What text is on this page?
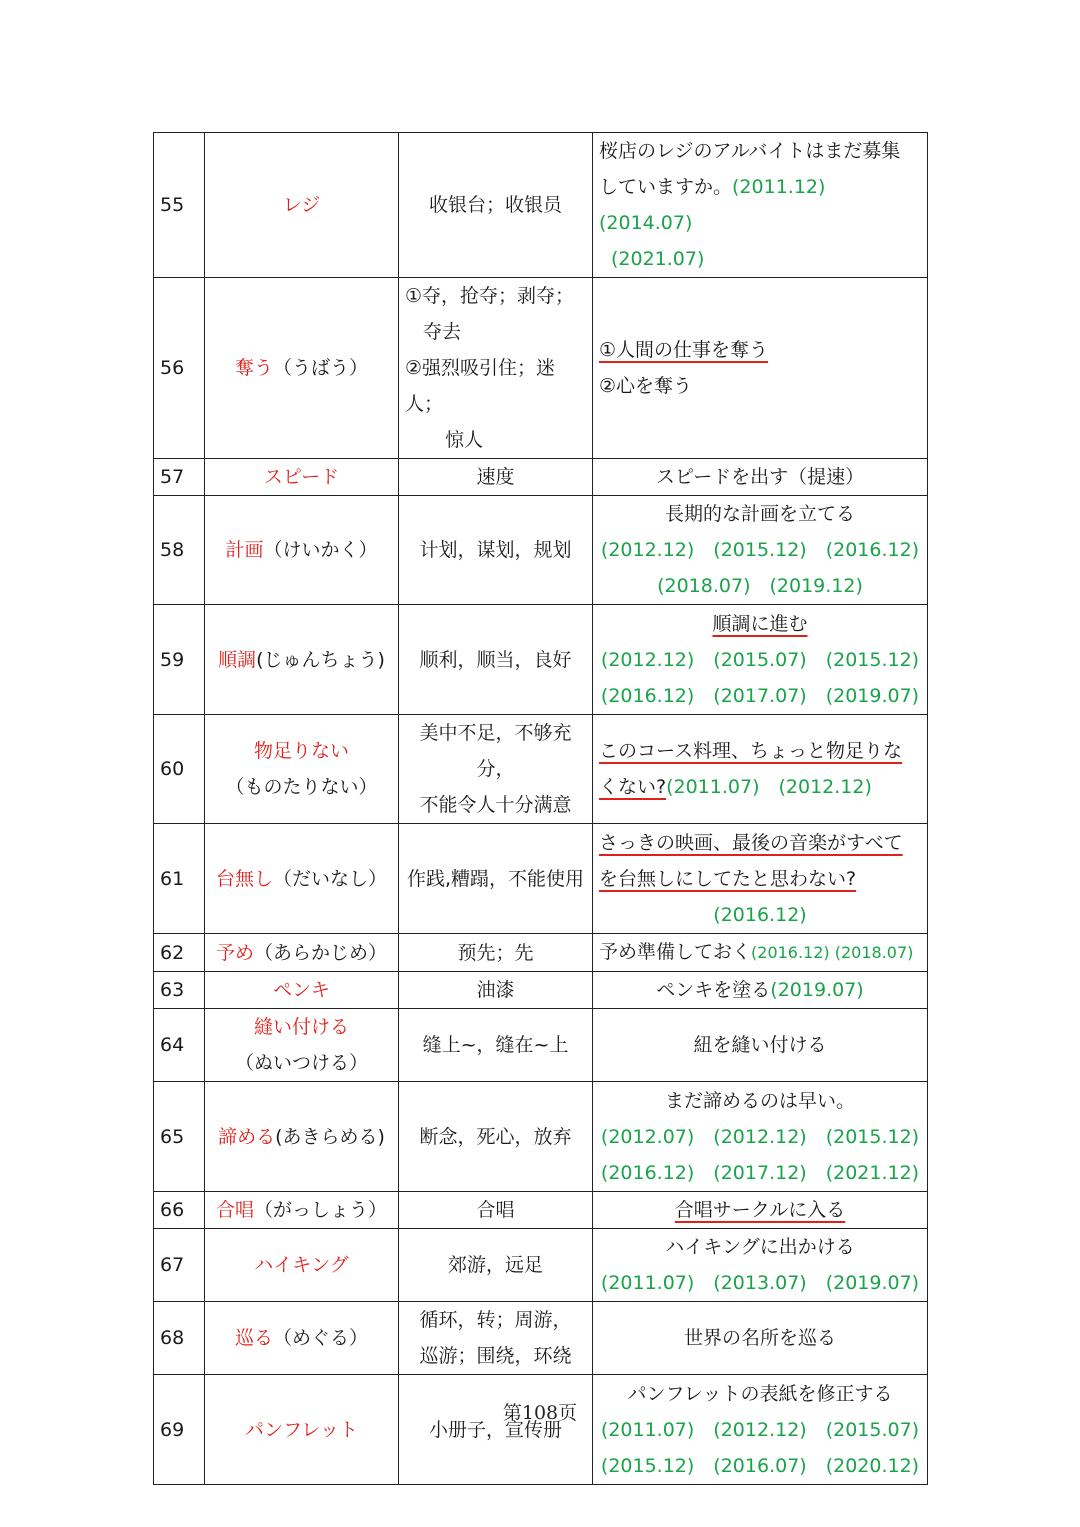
55	レジ	收银台；收银员	桜店のレジのアルバイトはまだ募集
していますか。(2011.12) (2014.07)
(2021.07)

56	奪う（うばう）	①夺，抢夺；剥夺；
夺去
②强烈吸引住；迷人；
惊人	①人間の仕事を奪う
②心を奪う

57	スピード	速度	スピードを出す（提速）
58	計画（けいかく）	计划，谋划，规划	長期的な計画を立てる
(2012.12)　(2015.12)　(2016.12)
(2018.07)　(2019.12)

59	順調(じゅんちょう)	顺利，顺当，良好	順調に進む
(2012.12)　(2015.07)　(2015.12)
(2016.12)　(2017.07)　(2019.07)

60	物足りない
（ものたりない）	美中不足，不够充分，
不能令人十分满意	このコース料理、ちょっと物足りな
くない?(2011.07)　(2012.12)

61	台無し（だいなし）	作践,糟蹋，不能使用	さっきの映画、最後の音楽がすべて
を台無しにしてたと思わない?
(2016.12)

62	予め（あらかじめ）	预先；先	予め準備しておく(2016.12) (2018.07)
63	ペンキ	油漆	ペンキを塗る(2019.07)
64	縫い付ける
（ぬいつける）	缝上~，缝在~上	紐を縫い付ける
65	諦める(あきらめる)	断念，死心，放弃	まだ諦めるのは早い。
(2012.07)　(2012.12)　(2015.12)
(2016.12)　(2017.12)　(2021.12)

66	合唱（がっしょう）	合唱	合唱サークルに入る
67	ハイキング	郊游，远足	ハイキングに出かける
(2011.07)　(2013.07)　(2019.07)

68	巡る（めぐる）	循环，转；周游，
巡游；围绕，环绕	世界の名所を巡る
69	パンフレット	小册子，宣传册	パンフレットの表紙を修正する
(2011.07)　(2012.12)　(2015.07)
(2015.12)　(2016.07)　(2020.12)
第108页
